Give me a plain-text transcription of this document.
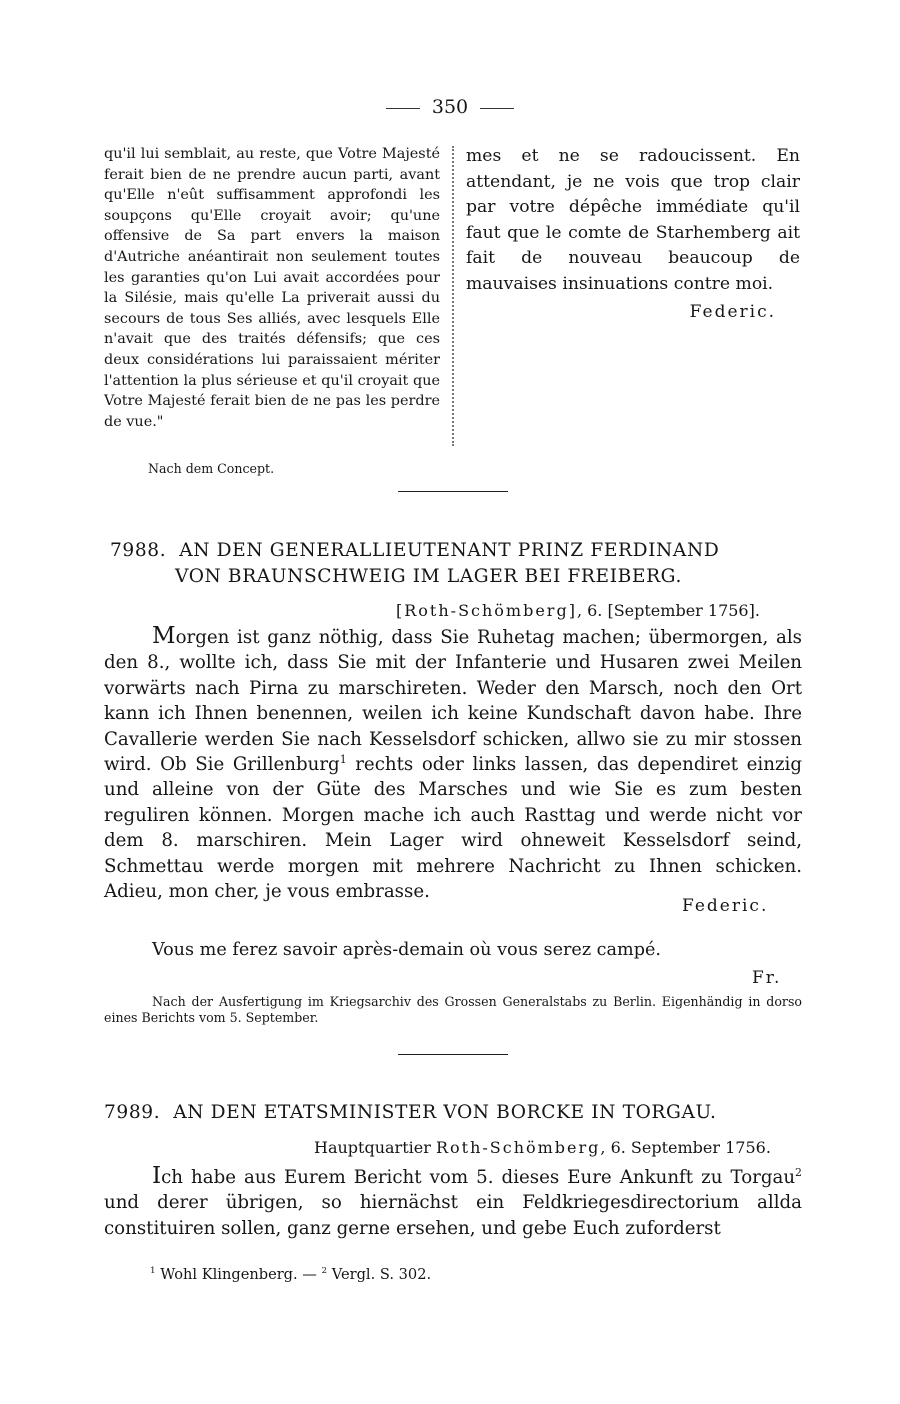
350

qu'il lui semblait, au reste, que Votre Majesté ferait bien de ne prendre aucun parti, avant qu'Elle n'eût suffisamment approfondi les soupçons qu'Elle croyait avoir; qu'une offensive de Sa part envers la maison d'Autriche anéantirait non seulement toutes les garanties qu'on Lui avait accordées pour la Silésie, mais qu'elle La priverait aussi du secours de tous Ses alliés, avec lesquels Elle n'avait que des traités défensifs; que ces deux considérations lui paraissaient mériter l'attention la plus sérieuse et qu'il croyait que Votre Majesté ferait bien de ne pas les perdre de vue."

Nach dem Concept.

mes et ne se radoucissent. En attendant, je ne vois que trop clair par votre dépêche immédiate qu'il faut que le comte de Starhemberg ait fait de nouveau beaucoup de mauvaises insinuations contre moi.

Federic.
7988. AN DEN GENERALLIEUTENANT PRINZ FERDINAND
VON BRAUNSCHWEIG IM LAGER BEI FREIBERG.
[Roth-Schömberg], 6. [September 1756].

Morgen ist ganz nöthig, dass Sie Ruhetag machen; übermorgen, als den 8., wollte ich, dass Sie mit der Infanterie und Husaren zwei Meilen vorwärts nach Pirna zu marschireten. Weder den Marsch, noch den Ort kann ich Ihnen benennen, weilen ich keine Kundschaft davon habe. Ihre Cavallerie werden Sie nach Kesselsdorf schicken, allwo sie zu mir stossen wird. Ob Sie Grillenburg$^1$ rechts oder links lassen, das dependiret einzig und alleine von der Güte des Marsches und wie Sie es zum besten reguliren können. Morgen mache ich auch Rasttag und werde nicht vor dem 8. marschiren. Mein Lager wird ohneweit Kesselsdorf seind, Schmettau werde morgen mit mehrere Nachricht zu Ihnen schicken. Adieu, mon cher, je vous embrasse.

Federic.
Vous me ferez savoir après-demain où vous serez campé.
Fr.

Nach der Ausfertigung im Kriegsarchiv des Grossen Generalstabs zu Berlin. Eigenhändig in dorso eines Berichts vom 5. September.

7989. AN DEN ETATSMINISTER VON BORCKE IN TORGAU.
Hauptquartier Roth-Schömberg, 6. September 1756.

Ich habe aus Eurem Bericht vom 5. dieses Eure Ankunft zu Torgau$^2$ und derer übrigen, so hiernächst ein Feldkriegesdirectorium allda constituiren sollen, ganz gerne ersehen, und gebe Euch zuforderst

$^1$ Wohl Klingenberg. — $^2$ Vergl. S. 302.
